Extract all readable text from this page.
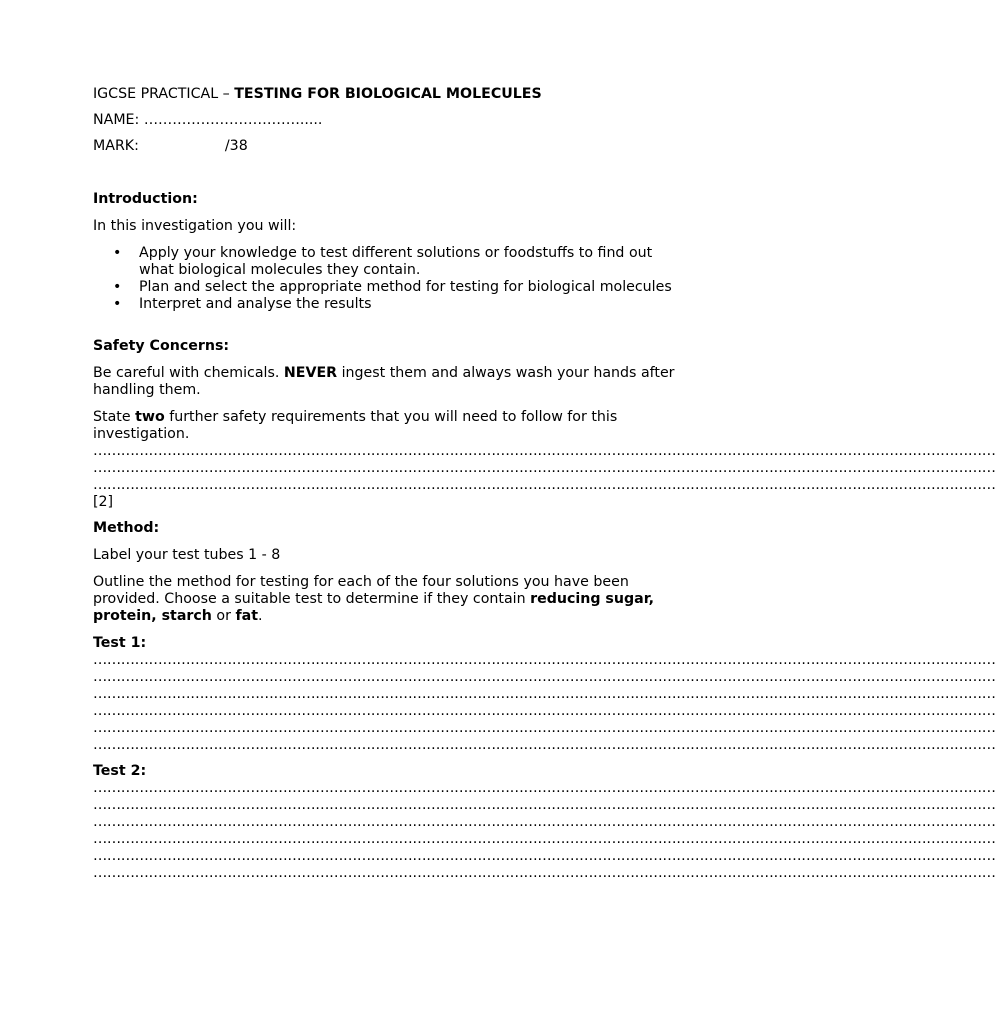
IGCSE PRACTICAL – TESTING FOR BIOLOGICAL MOLECULES

NAME: …………………………….....

MARK:	/38

Introduction:

In this investigation you will:

• Apply your knowledge to test different solutions or foodstuffs to find out what biological molecules they contain.
• Plan and select the appropriate method for testing for biological molecules
• Interpret and analyse the results

Safety Concerns:

Be careful with chemicals. NEVER ingest them and always wash your hands after handling them.

State two further safety requirements that you will need to follow for this investigation.

……………………………………………………………………………………………………………………………………………………………………………
……………………………………………………………………………………………………………………………………………………………………………
……………………………………………………………………………………………………………………………………………………………………………

[2]

Method:

Label your test tubes 1 - 8

Outline the method for testing for each of the four solutions you have been provided. Choose a suitable test to determine if they contain reducing sugar, protein, starch or fat.

Test 1:

……………………………………………………………………………………………………………………………………………………………………………
……………………………………………………………………………………………………………………………………………………………………………
……………………………………………………………………………………………………………………………………………………………………………
……………………………………………………………………………………………………………………………………………………………………………
……………………………………………………………………………………………………………………………………………………………………………
……………………………………………………………………………………………………………………………………………………………………………

Test 2:

……………………………………………………………………………………………………………………………………………………………………………
……………………………………………………………………………………………………………………………………………………………………………
……………………………………………………………………………………………………………………………………………………………………………
……………………………………………………………………………………………………………………………………………………………………………
……………………………………………………………………………………………………………………………………………………………………………
……………………………………………………………………………………………………………………………………………………………………………
